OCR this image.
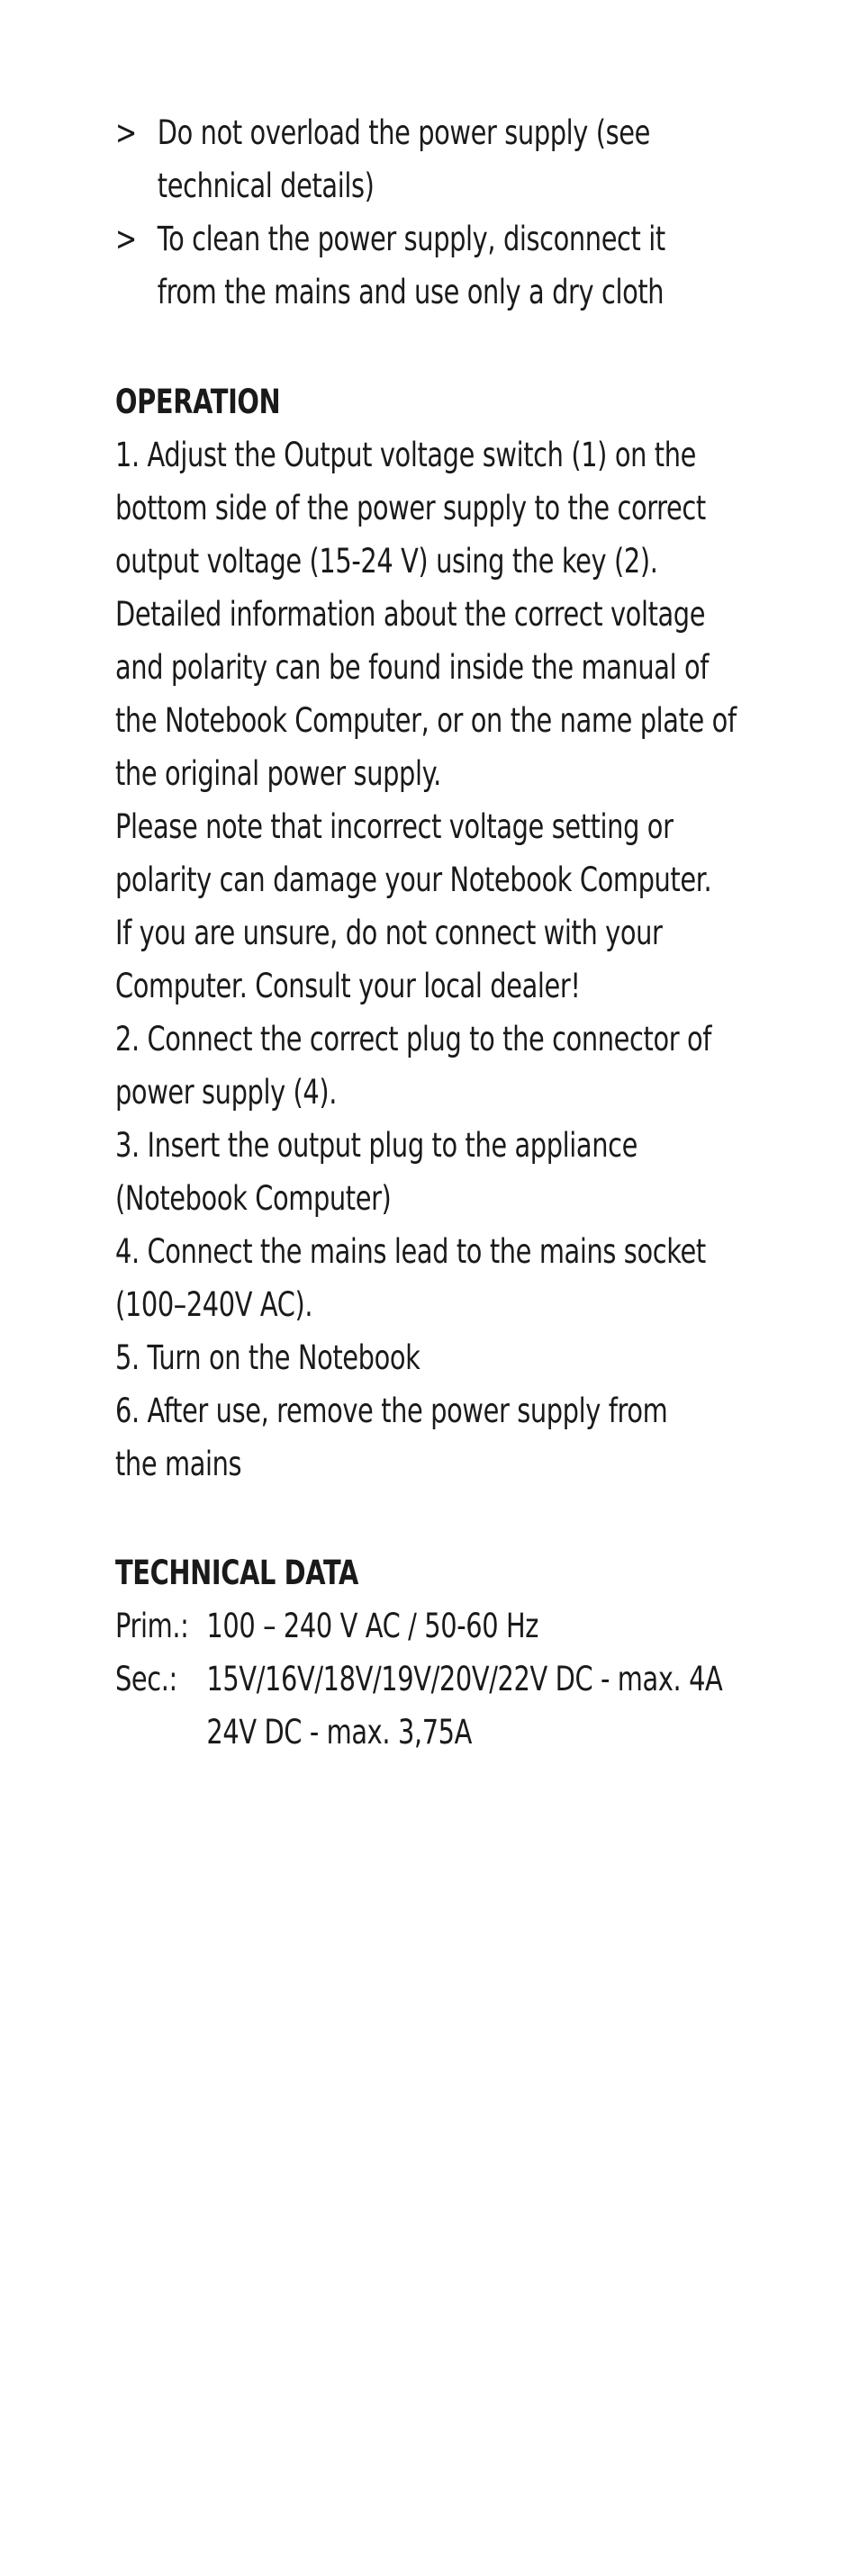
> Do not overload the power supply (see
technical details)
> To clean the power supply, disconnect it
from the mains and use only a dry cloth
OPERATION
1. Adjust the Output voltage switch (1) on the
bottom side of the power supply to the correct
output voltage (15-24 V) using the key (2).
Detailed information about the correct voltage
and polarity can be found inside the manual of
the Notebook Computer, or on the name plate of
the original power supply.
Please note that incorrect voltage setting or
polarity can damage your Notebook Computer.
If you are unsure, do not connect with your
Computer. Consult your local dealer!
2. Connect the correct plug to the connector of
power supply (4).
3. Insert the output plug to the appliance
(Notebook Computer)
4. Connect the mains lead to the mains socket
(100–240V AC).
5. Turn on the Notebook
6. After use, remove the power supply from
the mains
TECHNICAL DATA
Prim.: 100 – 240 V AC / 50-60 Hz
Sec.: 15V/16V/18V/19V/20V/22V DC - max. 4A
24V DC - max. 3,75A
